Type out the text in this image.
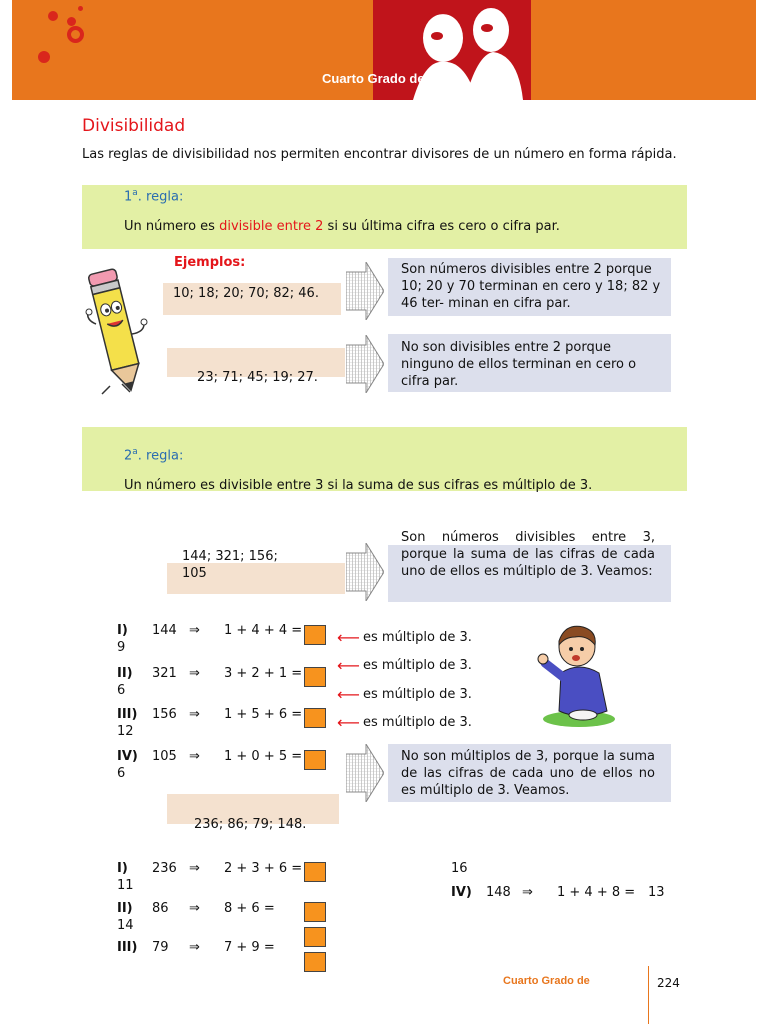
Cuarto Grado de
Divisibilidad
Las reglas de divisibilidad nos permiten encontrar divisores de un número en forma rápida.
1$^a$. regla:
Un número es divisible entre 2 si su última cifra es cero o cifra par.
Ejemplos:
10; 18; 20; 70; 82; 46.
Son números divisibles entre 2 porque 10; 20 y 70 terminan en cero y 18; 82 y 46 ter- minan en cifra par.
23; 71; 45; 19; 27.
No son divisibles entre 2 porque ninguno de ellos terminan en cero o cifra par.
2$^a$. regla:
Un número es divisible entre 3 si la suma de sus cifras es múltiplo de 3.
144; 321; 156; 105
Son números divisibles entre 3, porque la suma de las cifras de cada uno de ellos es múltiplo de 3. Veamos:
I) 144 ⇒ 1 + 4 + 4 =
9
⟵ es múltiplo de 3.
II) 321 ⇒ 3 + 2 + 1 =
6
⟵ es múltiplo de 3.
III) 156 ⇒ 1 + 5 + 6 =
12
⟵ es múltiplo de 3.
IV) 105 ⇒ 1 + 0 + 5 =
6
⟵ es múltiplo de 3.
No son múltiplos de 3, porque la suma de las cifras de cada uno de ellos no es múltiplo de 3. Veamos.
236; 86; 79; 148.
I) 236 ⇒ 2 + 3 + 6 =
11
II) 86 ⇒ 8 + 6 =
14
III) 79 ⇒ 7 + 9 =
16
IV) 148 ⇒ 1 + 4 + 8 = 13
Cuarto Grado de	224
